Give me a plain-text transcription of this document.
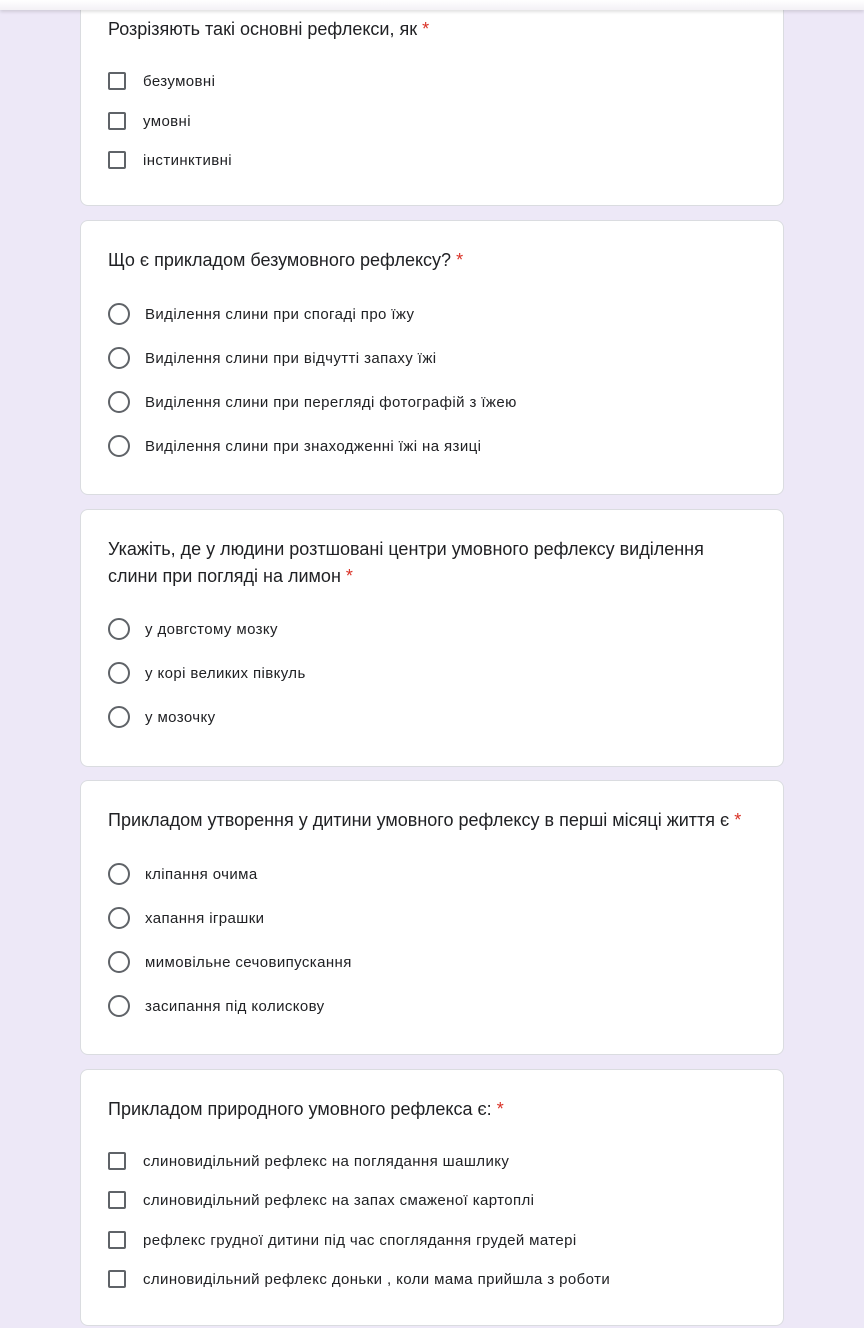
Розрізяють такі основні рефлекси, як *
безумовні
умовні
інстинктивні
Що є прикладом безумовного рефлексу? *
Виділення слини при спогаді про їжу
Виділення слини при відчутті запаху їжі
Виділення слини при перегляді фотографій з їжею
Виділення слини при знаходженні їжі на язиці
Укажіть, де у людини розтшовані центри умовного рефлексу виділення
слини при погляді на лимон *
у довгстому мозку
у корі великих півкуль
у мозочку
Прикладом утворення у дитини умовного рефлексу в перші місяці життя є *
кліпання очима
хапання іграшки
мимовільне сечовипускання
засипання під колискову
Прикладом природного умовного рефлекса є: *
слиновидільний рефлекс на поглядання шашлику
слиновидільний рефлекс на запах смаженої картоплі
рефлекс грудної дитини під час споглядання грудей матері
слиновидільний рефлекс доньки , коли мама прийшла з роботи
